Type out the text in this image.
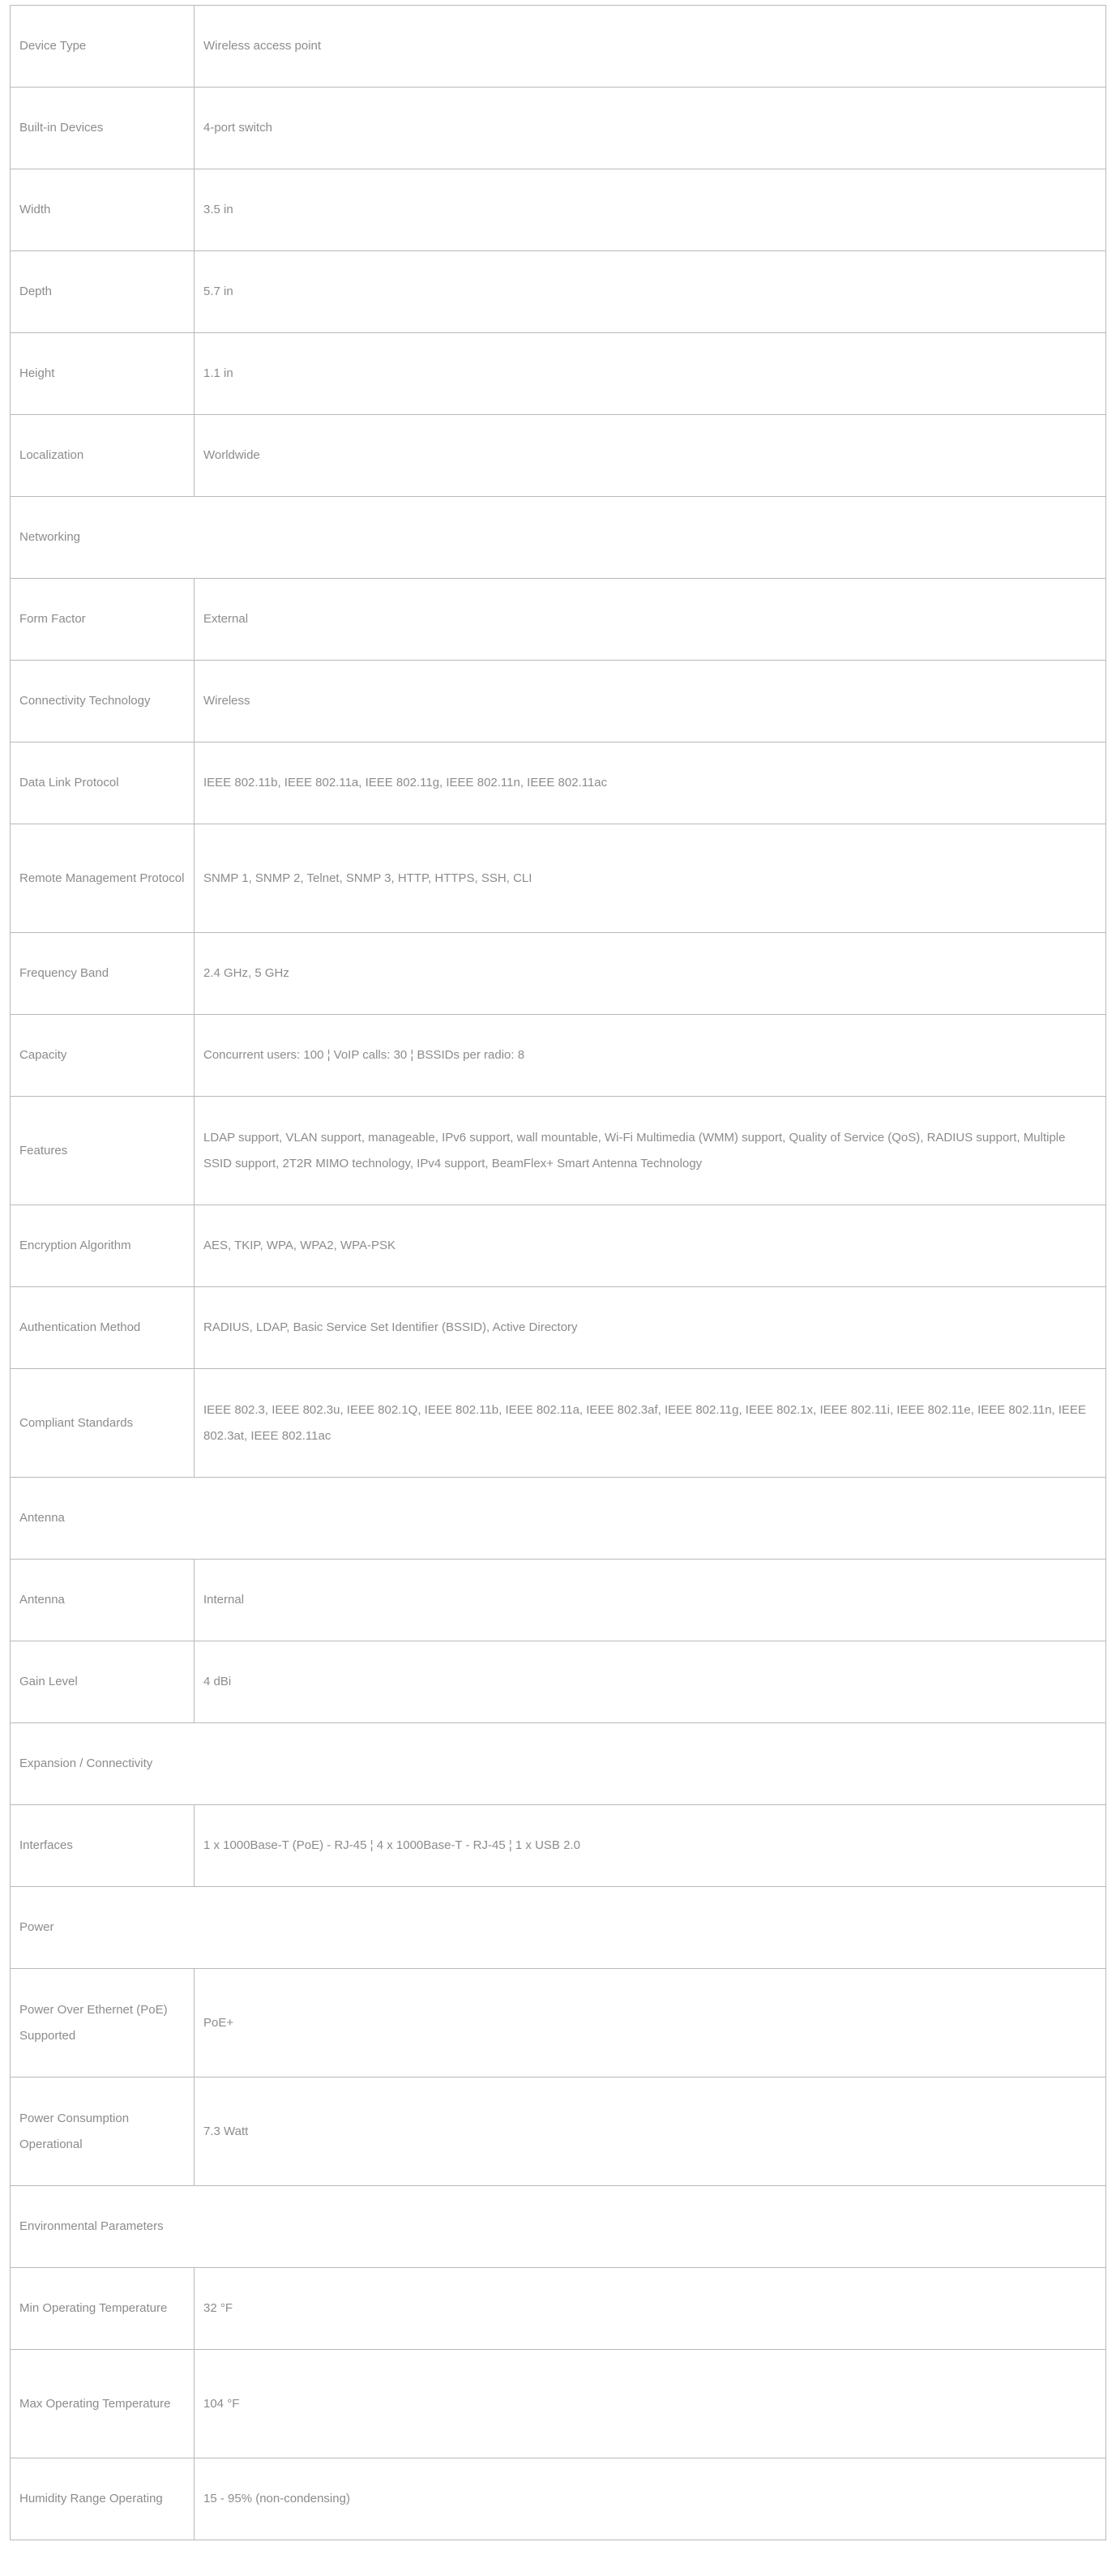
Device Type	Wireless access point
Built-in Devices	4-port switch
Width	3.5 in
Depth	5.7 in
Height	1.1 in
Localization	Worldwide
Networking	
Form Factor	External
Connectivity Technology	Wireless
Data Link Protocol	IEEE 802.11b, IEEE 802.11a, IEEE 802.11g, IEEE 802.11n, IEEE 802.11ac
Remote Management Protocol	SNMP 1, SNMP 2, Telnet, SNMP 3, HTTP, HTTPS, SSH, CLI
Frequency Band	2.4 GHz, 5 GHz
Capacity	Concurrent users: 100 ¦ VoIP calls: 30 ¦ BSSIDs per radio: 8
Features	LDAP support, VLAN support, manageable, IPv6 support, wall mountable, Wi-Fi Multimedia (WMM) support, Quality of Service (QoS), RADIUS support, Multiple SSID support, 2T2R MIMO technology, IPv4 support, BeamFlex+ Smart Antenna Technology
Encryption Algorithm	AES, TKIP, WPA, WPA2, WPA-PSK
Authentication Method	RADIUS, LDAP, Basic Service Set Identifier (BSSID), Active Directory
Compliant Standards	IEEE 802.3, IEEE 802.3u, IEEE 802.1Q, IEEE 802.11b, IEEE 802.11a, IEEE 802.3af, IEEE 802.11g, IEEE 802.1x, IEEE 802.11i, IEEE 802.11e, IEEE 802.11n, IEEE 802.3at, IEEE 802.11ac
Antenna	
Antenna	Internal
Gain Level	4 dBi
Expansion / Connectivity	
Interfaces	1 x 1000Base-T (PoE) - RJ-45 ¦ 4 x 1000Base-T - RJ-45 ¦ 1 x USB 2.0
Power	
Power Over Ethernet (PoE) Supported	PoE+
Power Consumption Operational	7.3 Watt
Environmental Parameters	
Min Operating Temperature	32 °F
Max Operating Temperature	104 °F
Humidity Range Operating	15 - 95% (non-condensing)
